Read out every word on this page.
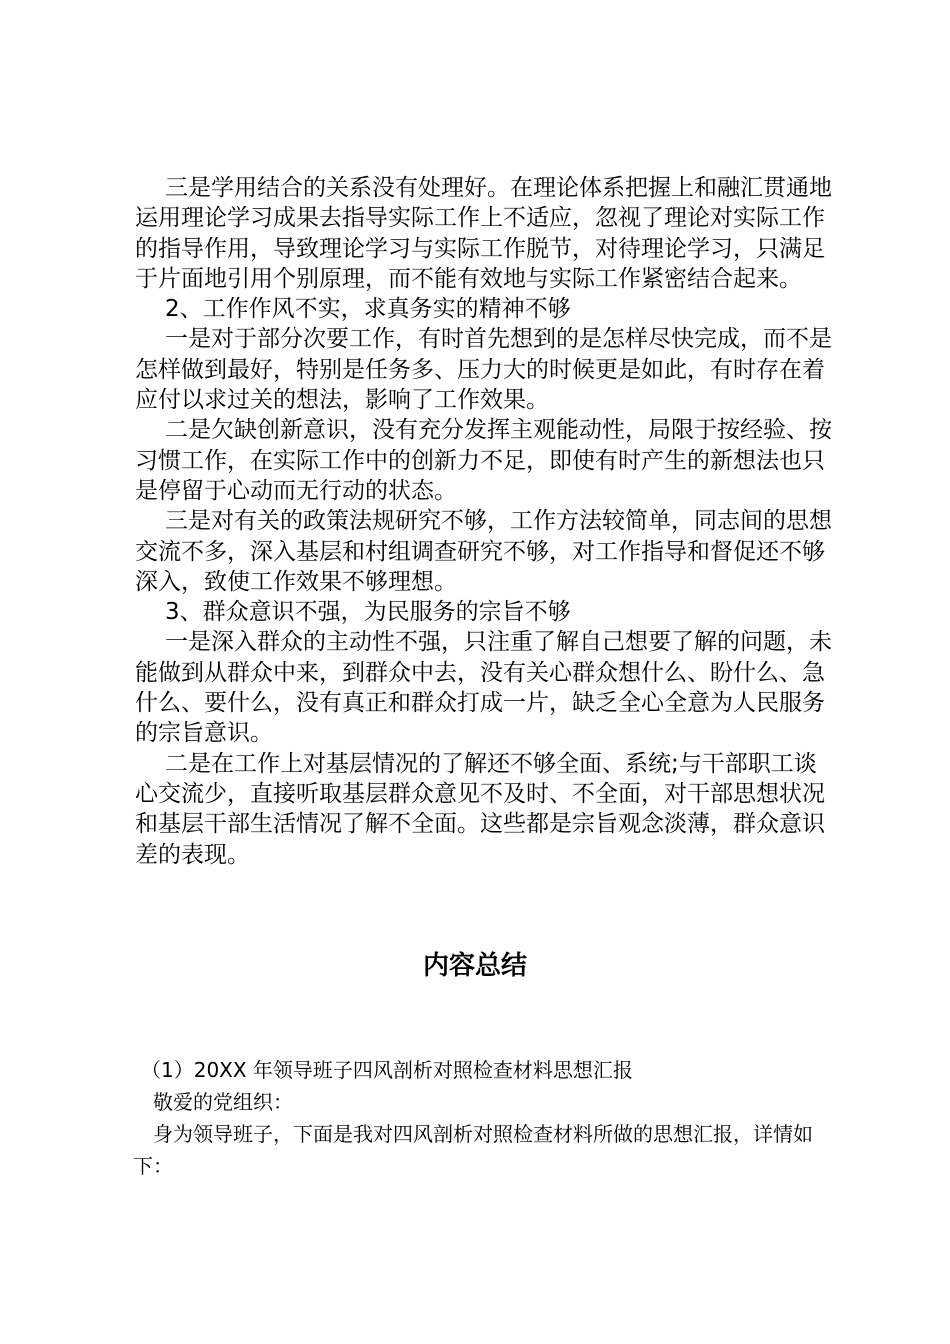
三是学用结合的关系没有处理好。在理论体系把握上和融汇贯通地运用理论学习成果去指导实际工作上不适应，忽视了理论对实际工作的指导作用，导致理论学习与实际工作脱节，对待理论学习，只满足于片面地引用个别原理，而不能有效地与实际工作紧密结合起来。

2、工作作风不实，求真务实的精神不够

一是对于部分次要工作，有时首先想到的是怎样尽快完成，而不是怎样做到最好，特别是任务多、压力大的时候更是如此，有时存在着应付以求过关的想法，影响了工作效果。

二是欠缺创新意识，没有充分发挥主观能动性，局限于按经验、按习惯工作，在实际工作中的创新力不足，即使有时产生的新想法也只是停留于心动而无行动的状态。

三是对有关的政策法规研究不够，工作方法较简单，同志间的思想交流不多，深入基层和村组调查研究不够，对工作指导和督促还不够深入，致使工作效果不够理想。

3、群众意识不强，为民服务的宗旨不够

一是深入群众的主动性不强，只注重了解自己想要了解的问题，未能做到从群众中来，到群众中去，没有关心群众想什么、盼什么、急什么、要什么，没有真正和群众打成一片，缺乏全心全意为人民服务的宗旨意识。

二是在工作上对基层情况的了解还不够全面、系统;与干部职工谈心交流少，直接听取基层群众意见不及时、不全面，对干部思想状况和基层干部生活情况了解不全面。这些都是宗旨观念淡薄，群众意识差的表现。

内容总结

（1）20XX 年领导班子四风剖析对照检查材料思想汇报

敬爱的党组织：

身为领导班子，下面是我对四风剖析对照检查材料所做的思想汇报，详情如下：
